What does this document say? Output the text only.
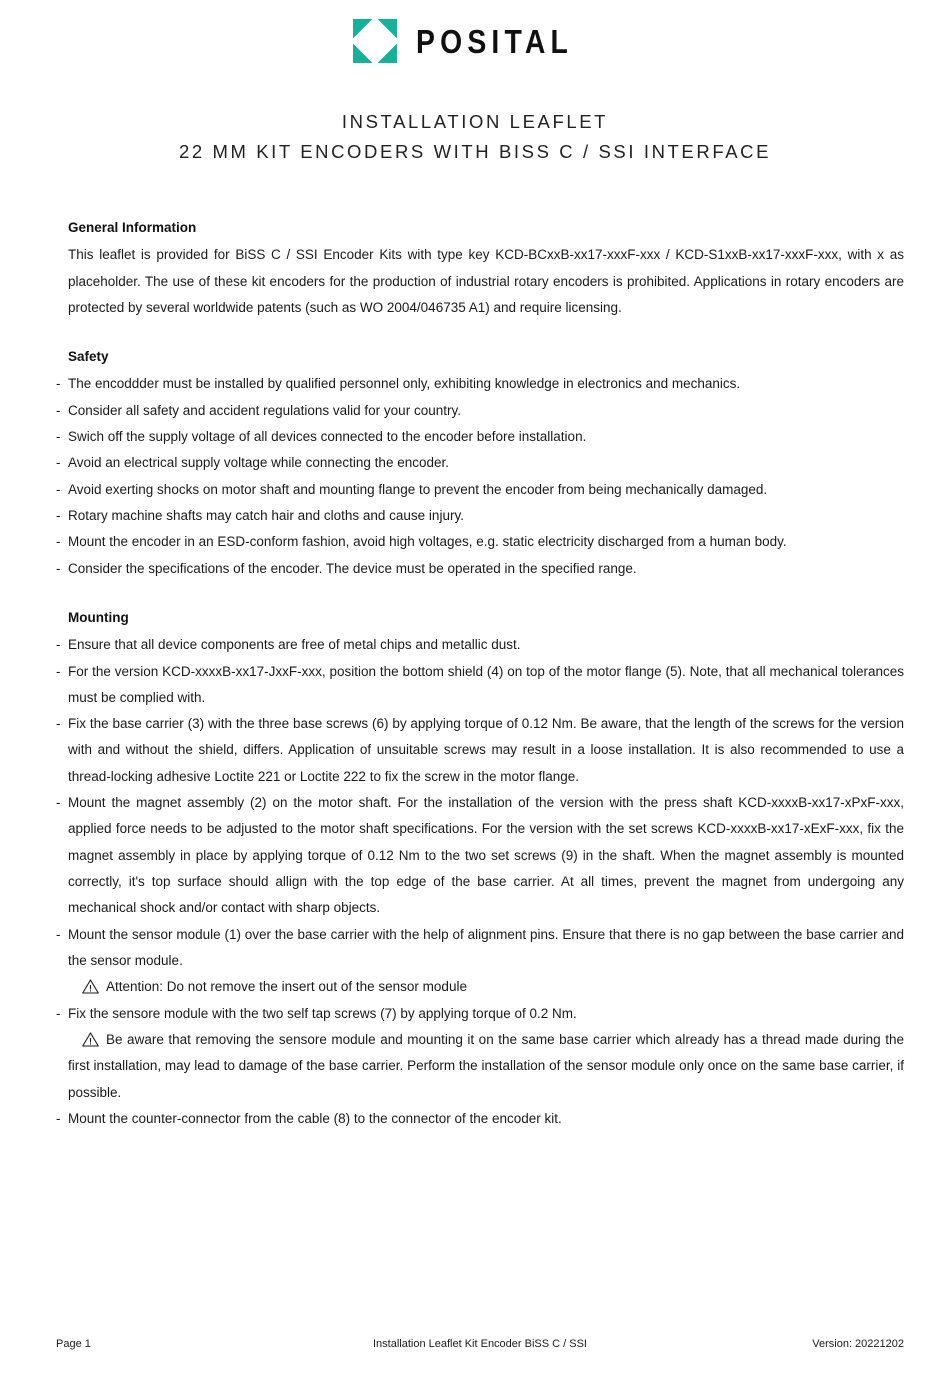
POSITAL
INSTALLATION LEAFLET
22 MM KIT ENCODERS WITH BISS C / SSI INTERFACE
General Information

This leaflet is provided for BiSS C / SSI Encoder Kits with type key KCD-BCxxB-xx17-xxxF-xxx / KCD-S1xxB-xx17-xxxF-xxx, with x as placeholder. The use of these kit encoders for the production of industrial rotary encoders is prohibited. Applications in rotary encoders are protected by several worldwide patents (such as WO 2004/046735 A1) and require licensing.

Safety
- The encoddder must be installed by qualified personnel only, exhibiting knowledge in electronics and mechanics.
- Consider all safety and accident regulations valid for your country.
- Swich off the supply voltage of all devices connected to the encoder before installation.
- Avoid an electrical supply voltage while connecting the encoder.
- Avoid exerting shocks on motor shaft and mounting flange to prevent the encoder from being mechanically damaged.
- Rotary machine shafts may catch hair and cloths and cause injury.
- Mount the encoder in an ESD-conform fashion, avoid high voltages, e.g. static electricity discharged from a human body.
- Consider the specifications of the encoder. The device must be operated in the specified range.
Mounting
- Ensure that all device components are free of metal chips and metallic dust.
- For the version KCD-xxxxB-xx17-JxxF-xxx, position the bottom shield (4) on top of the motor flange (5). Note, that all mechanical tolerances must be complied with.
- Fix the base carrier (3) with the three base screws (6) by applying torque of 0.12 Nm. Be aware, that the length of the screws for the version with and without the shield, differs. Application of unsuitable screws may result in a loose installation. It is also recommended to use a thread-locking adhesive Loctite 221 or Loctite 222 to fix the screw in the motor flange.
- Mount the magnet assembly (2) on the motor shaft. For the installation of the version with the press shaft KCD-xxxxB-xx17-xPxF-xxx, applied force needs to be adjusted to the motor shaft specifications. For the version with the set screws KCD-xxxxB-xx17-xExF-xxx, fix the magnet assembly in place by applying torque of 0.12 Nm to the two set screws (9) in the shaft. When the magnet assembly is mounted correctly, it's top surface should allign with the top edge of the base carrier. At all times, prevent the magnet from undergoing any mechanical shock and/or contact with sharp objects.
- Mount the sensor module (1) over the base carrier with the help of alignment pins. Ensure that there is no gap between the base carrier and the sensor module.
Attention: Do not remove the insert out of the sensor module
- Fix the sensore module with the two self tap screws (7) by applying torque of 0.2 Nm.
Be aware that removing the sensore module and mounting it on the same base carrier which already has a thread made during the first installation, may lead to damage of the base carrier. Perform the installation of the sensor module only once on the same base carrier, if possible.
- Mount the counter-connector from the cable (8) to the connector of the encoder kit.
Page 1	Installation Leaflet Kit Encoder BiSS C / SSI	Version: 20221202
